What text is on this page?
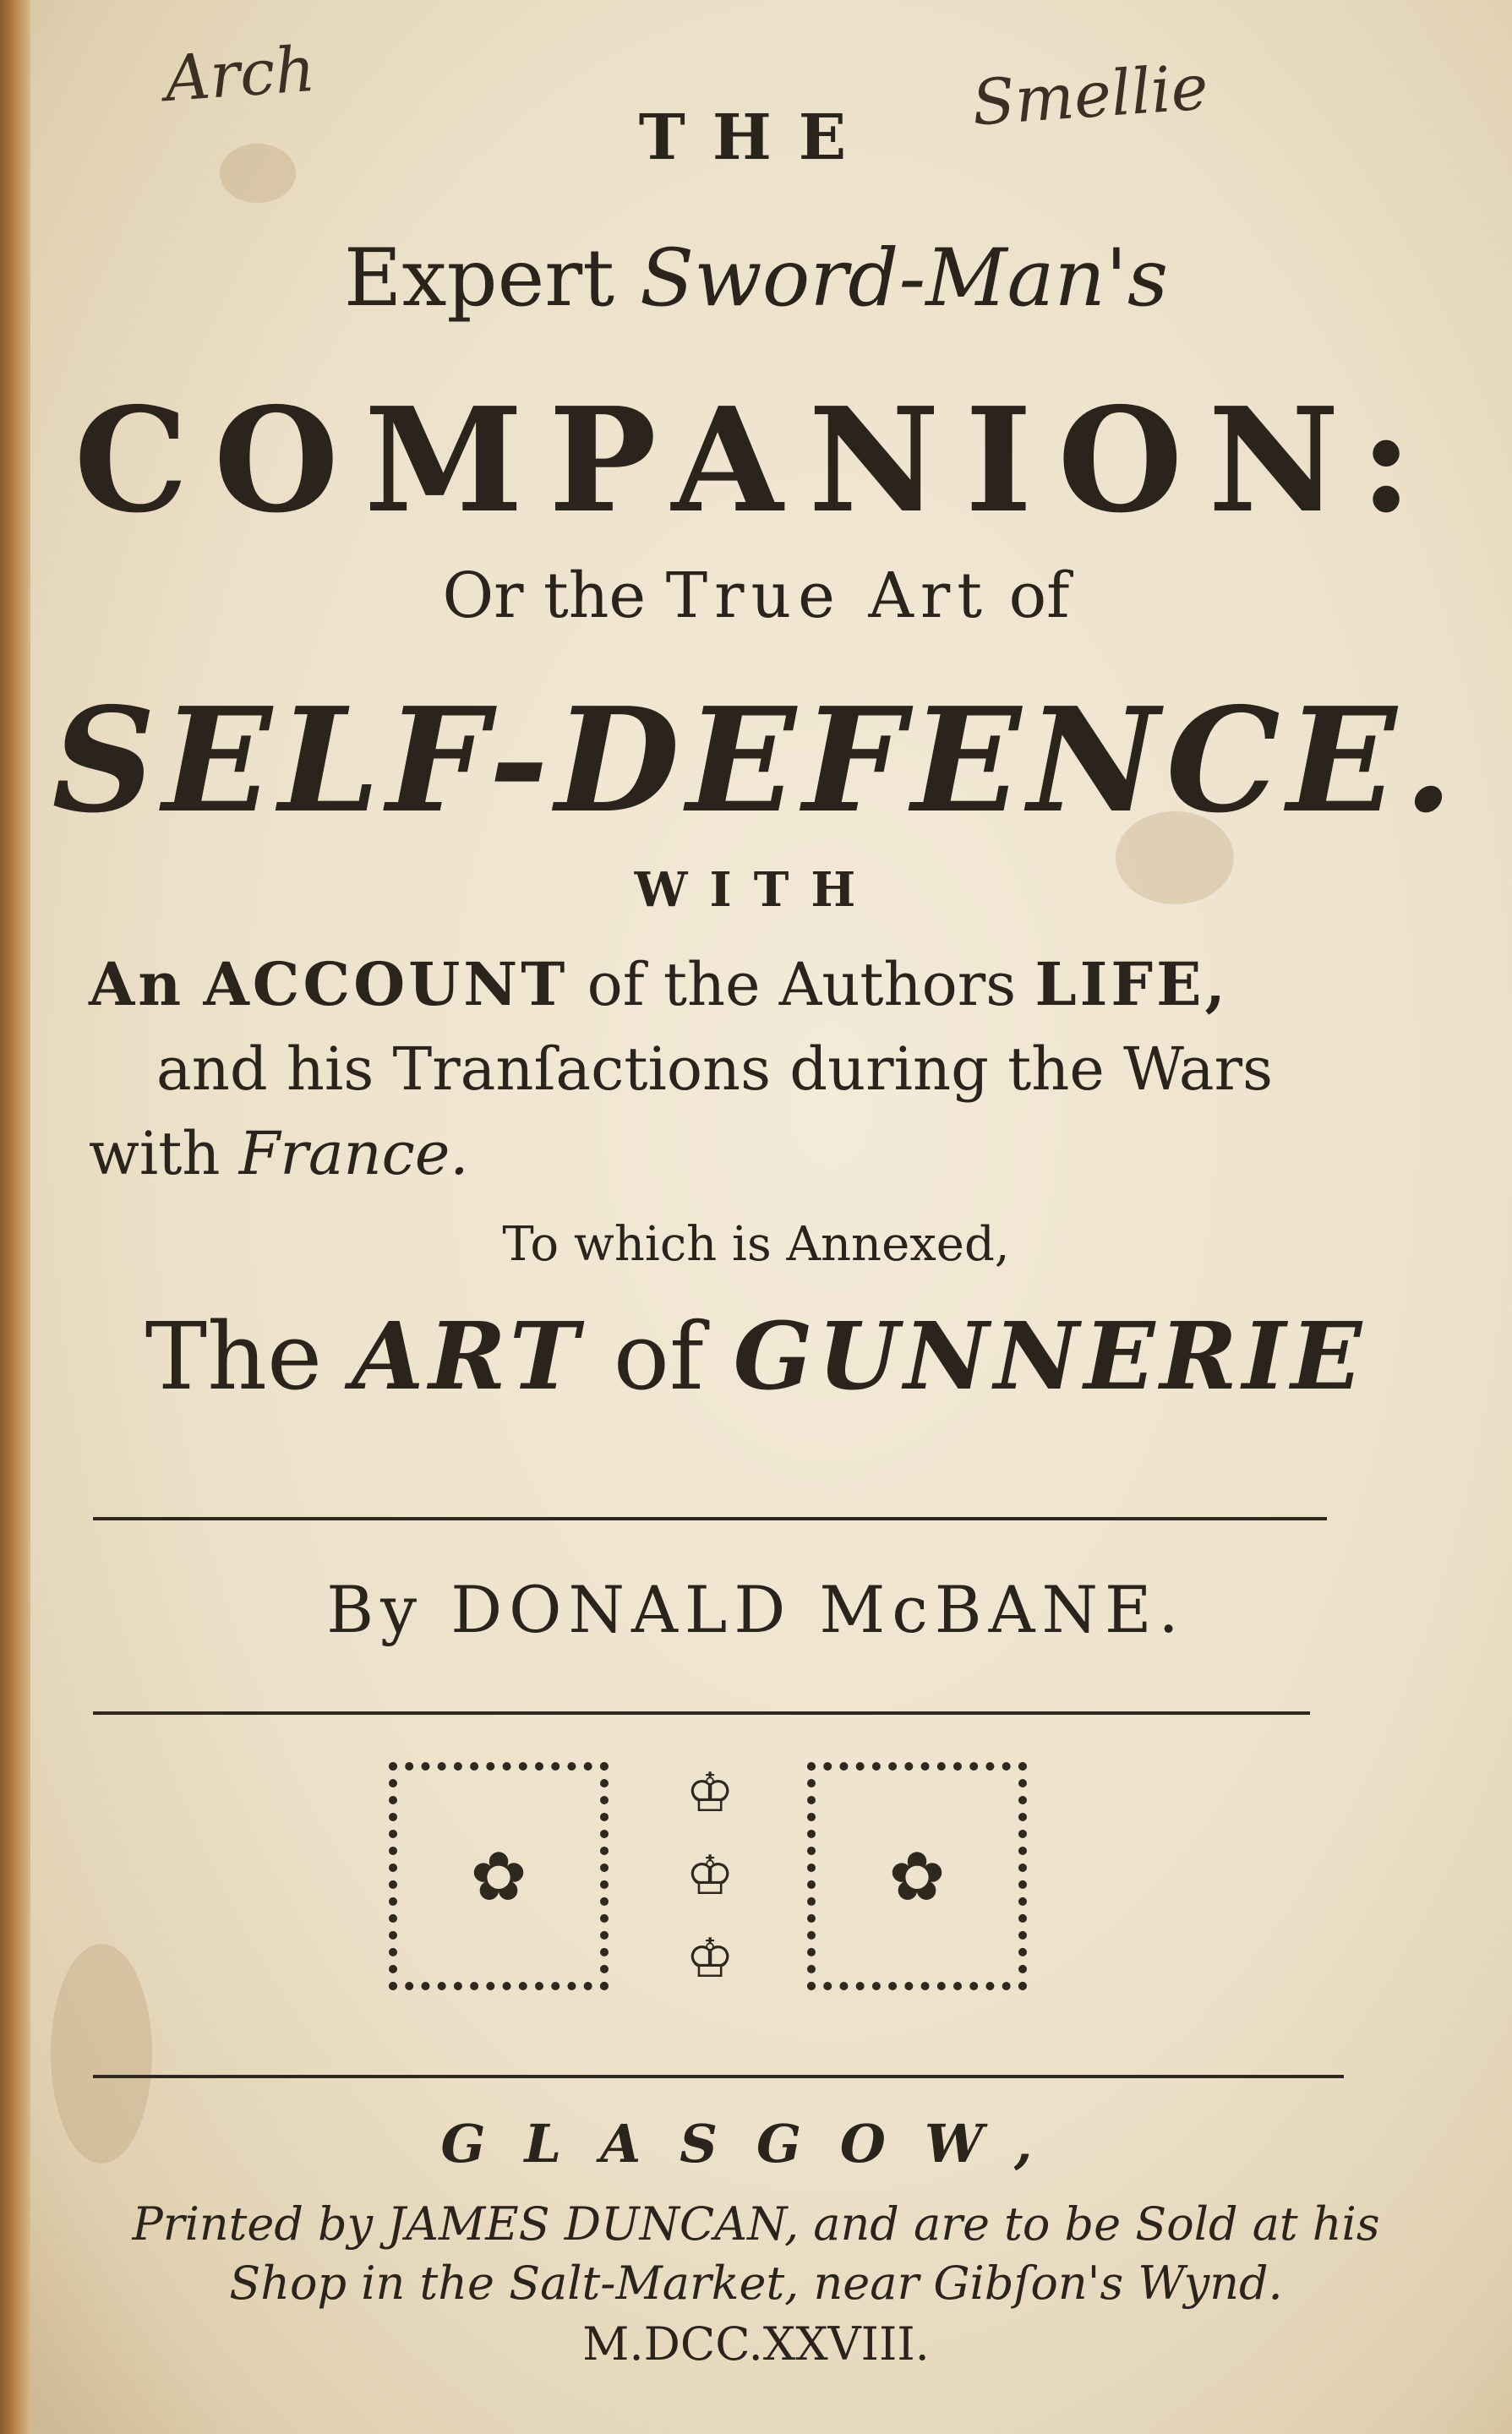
Arch	Smellie
THE
Expert Sword-Man's
COMPANION:
Or the True Art of
SELF-DEFENCE.
WITH
An ACCOUNT of the Authors LIFE,
and his Tranſactions during the Wars
with France.
To which is Annexed,
The ART of GUNNERIE
By DONALD McBANE.
✿
♔
♔
♔
✿
GLASGOW,
Printed by JAMES DUNCAN, and are to be Sold at his
Shop in the Salt-Market, near Gibſon's Wynd.
M.DCC.XXVIII.
